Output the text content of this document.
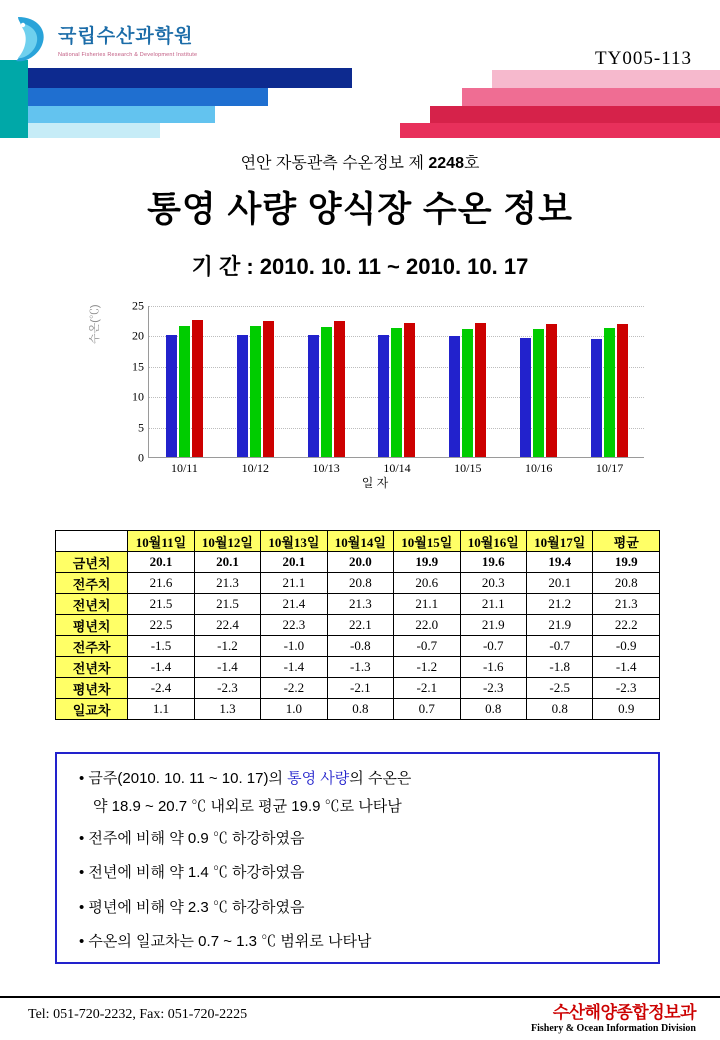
국립수산과학원
National Fisheries Research & Development Institute	TY005-113
연안 자동관측 수온정보 제 2248호
통영 사량 양식장 수온 정보
기 간 : 2010. 10. 11 ~ 2010. 10. 17
수온(℃)
0
5
10
15
20
25
10/11	10/12	10/13	10/14	10/15	10/16	10/17
일 자
	10월11일	10월12일	10월13일	10월14일	10월15일	10월16일	10월17일	평균
금년치	20.1	20.1	20.1	20.0	19.9	19.6	19.4	19.9
전주치	21.6	21.3	21.1	20.8	20.6	20.3	20.1	20.8
전년치	21.5	21.5	21.4	21.3	21.1	21.1	21.2	21.3
평년치	22.5	22.4	22.3	22.1	22.0	21.9	21.9	22.2
전주차	-1.5	-1.2	-1.0	-0.8	-0.7	-0.7	-0.7	-0.9
전년차	-1.4	-1.4	-1.4	-1.3	-1.2	-1.6	-1.8	-1.4
평년차	-2.4	-2.3	-2.2	-2.1	-2.1	-2.3	-2.5	-2.3
일교차	1.1	1.3	1.0	0.8	0.7	0.8	0.8	0.9
• 금주(2010. 10. 11 ~ 10. 17)의 통영 사량의 수온은
약 18.9 ~ 20.7 ℃ 내외로 평균 19.9 ℃로 나타남
• 전주에 비해 약 0.9 ℃ 하강하였음
• 전년에 비해 약 1.4 ℃ 하강하였음
• 평년에 비해 약 2.3 ℃ 하강하였음
• 수온의 일교차는 0.7 ~ 1.3 ℃ 범위로 나타남
Tel: 051-720-2232, Fax: 051-720-2225	수산해양종합정보과
Fishery & Ocean Information Division
